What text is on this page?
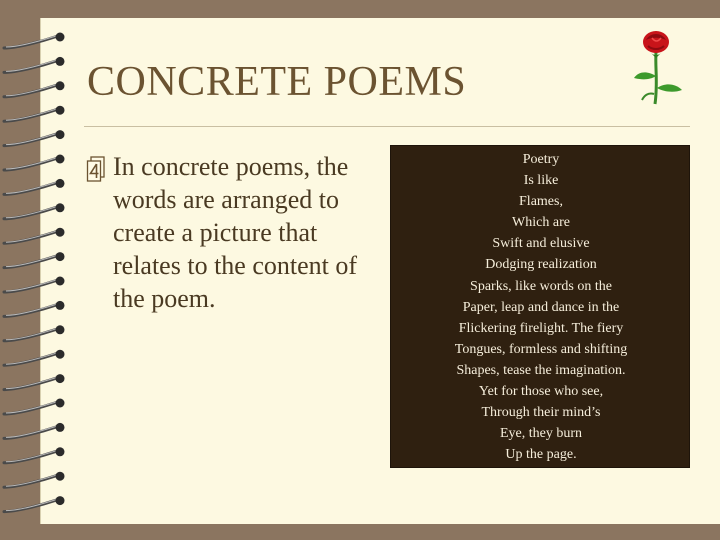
CONCRETE POEMS
In concrete poems, the words are arranged to create a picture that relates to the content of the poem.
Poetry
Is like
Flames,
Which are
Swift and elusive
Dodging realization
Sparks, like words on the
Paper, leap and dance in the
Flickering firelight. The fiery
Tongues, formless and shifting
Shapes, tease the imagination.
Yet for those who see,
Through their mind’s
Eye, they burn
Up the page.
